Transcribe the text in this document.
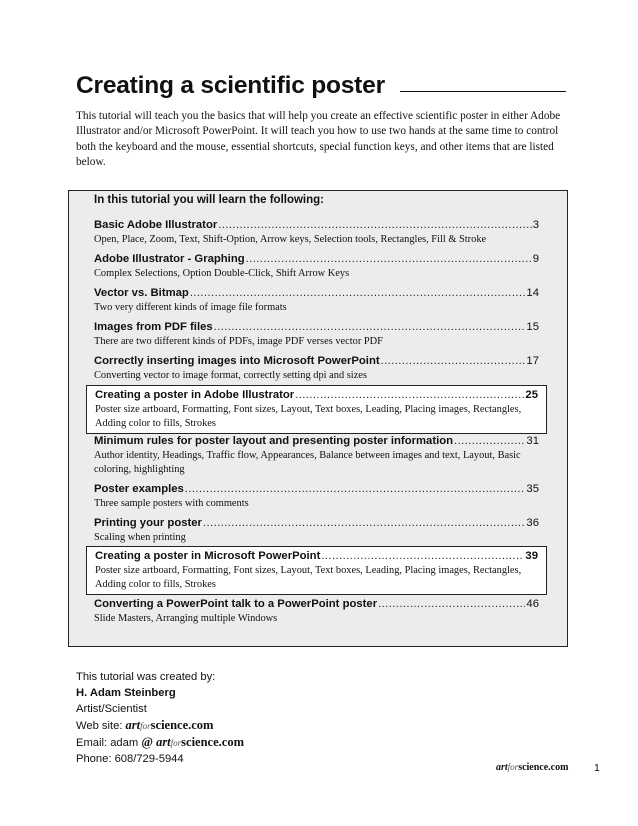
Creating a scientific poster
This tutorial will teach you the basics that will help you create an effective scientific poster in either Adobe Illustrator and/or Microsoft PowerPoint. It will teach you how to use two hands at the same time to control both the keyboard and the mouse, essential shortcuts, special function keys, and other items that are listed below.
In this tutorial you will learn the following:
Basic Adobe Illustrator .....	3
Open, Place, Zoom, Text, Shift-Option, Arrow keys, Selection tools, Rectangles, Fill & Stroke
Adobe Illustrator - Graphing .....	9
Complex Selections, Option Double-Click, Shift Arrow Keys
Vector vs. Bitmap .....	14
Two very different kinds of image file formats
Images from PDF files .....	15
There are two different kinds of PDFs, image PDF verses vector PDF
Correctly inserting images into Microsoft PowerPoint .....	17
Converting vector to image format, correctly setting dpi and sizes
Creating a poster in Adobe Illustrator .....	25
Poster size artboard, Formatting, Font sizes, Layout, Text boxes, Leading, Placing images, Rectangles, Adding color to fills, Strokes
Minimum rules for poster layout and presenting poster information .....	31
Author identity, Headings, Traffic flow, Appearances, Balance between images and text, Layout, Basic coloring, highlighting
Poster examples .....	35
Three sample posters with comments
Printing your poster .....	36
Scaling when printing
Creating a poster in Microsoft PowerPoint .....	39
Poster size artboard, Formatting, Font sizes, Layout, Text boxes, Leading, Placing images, Rectangles, Adding color to fills, Strokes
Converting a PowerPoint talk to a PowerPoint poster .....	46
Slide Masters, Arranging multiple Windows
This tutorial was created by:
H. Adam Steinberg
Artist/Scientist
Web site: artforscience.com
Email: adam @ artforscience.com
Phone: 608/729-5944
artforscience.com 1
